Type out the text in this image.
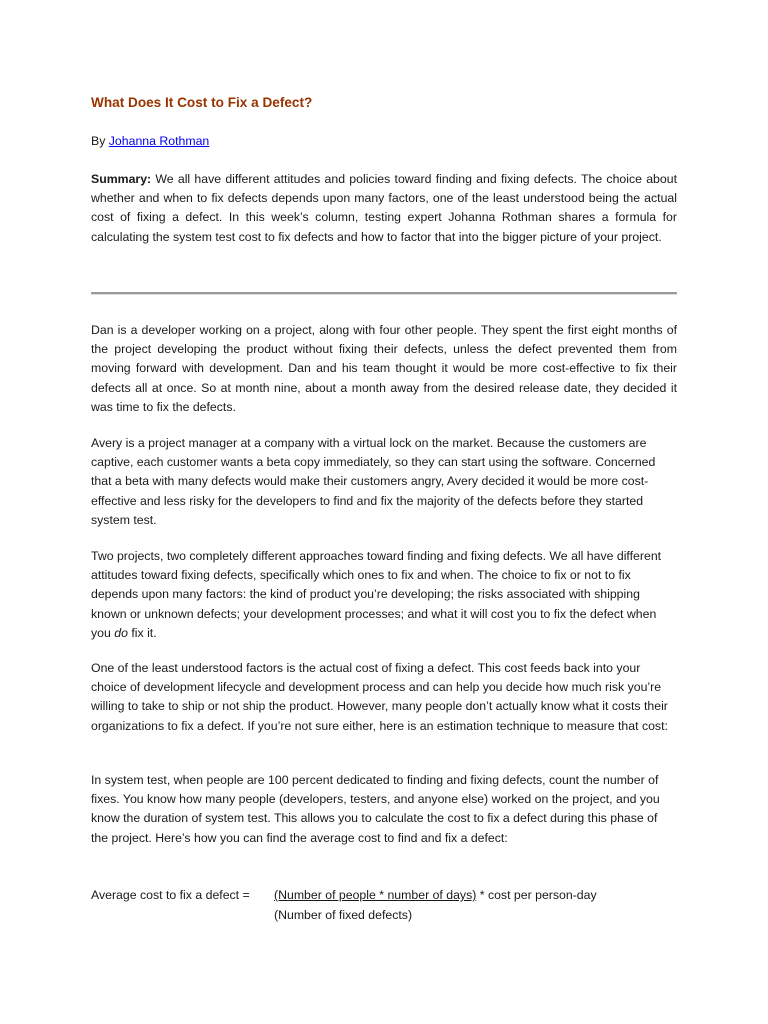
What Does It Cost to Fix a Defect?

By Johanna Rothman

Summary: We all have different attitudes and policies toward finding and fixing defects. The choice about whether and when to fix defects depends upon many factors, one of the least understood being the actual cost of fixing a defect. In this week’s column, testing expert Johanna Rothman shares a formula for calculating the system test cost to fix defects and how to factor that into the bigger picture of your project.

Dan is a developer working on a project, along with four other people. They spent the first eight months of the project developing the product without fixing their defects, unless the defect prevented them from moving forward with development. Dan and his team thought it would be more cost-effective to fix their defects all at once. So at month nine, about a month away from the desired release date, they decided it was time to fix the defects.

Avery is a project manager at a company with a virtual lock on the market. Because the customers are captive, each customer wants a beta copy immediately, so they can start using the software. Concerned that a beta with many defects would make their customers angry, Avery decided it would be more cost-effective and less risky for the developers to find and fix the majority of the defects before they started system test.

Two projects, two completely different approaches toward finding and fixing defects. We all have different attitudes toward fixing defects, specifically which ones to fix and when. The choice to fix or not to fix depends upon many factors: the kind of product you’re developing; the risks associated with shipping known or unknown defects; your development processes; and what it will cost you to fix the defect when you do fix it.

One of the least understood factors is the actual cost of fixing a defect. This cost feeds back into your choice of development lifecycle and development process and can help you decide how much risk you’re willing to take to ship or not ship the product. However, many people don’t actually know what it costs their organizations to fix a defect. If you’re not sure either, here is an estimation technique to measure that cost:

In system test, when people are 100 percent dedicated to finding and fixing defects, count the number of fixes. You know how many people (developers, testers, and anyone else) worked on the project, and you know the duration of system test. This allows you to calculate the cost to fix a defect during this phase of the project. Here’s how you can find the average cost to find and fix a defect:

Average cost to fix a defect = (Number of people * number of days) * cost per person-day
(Number of fixed defects)
